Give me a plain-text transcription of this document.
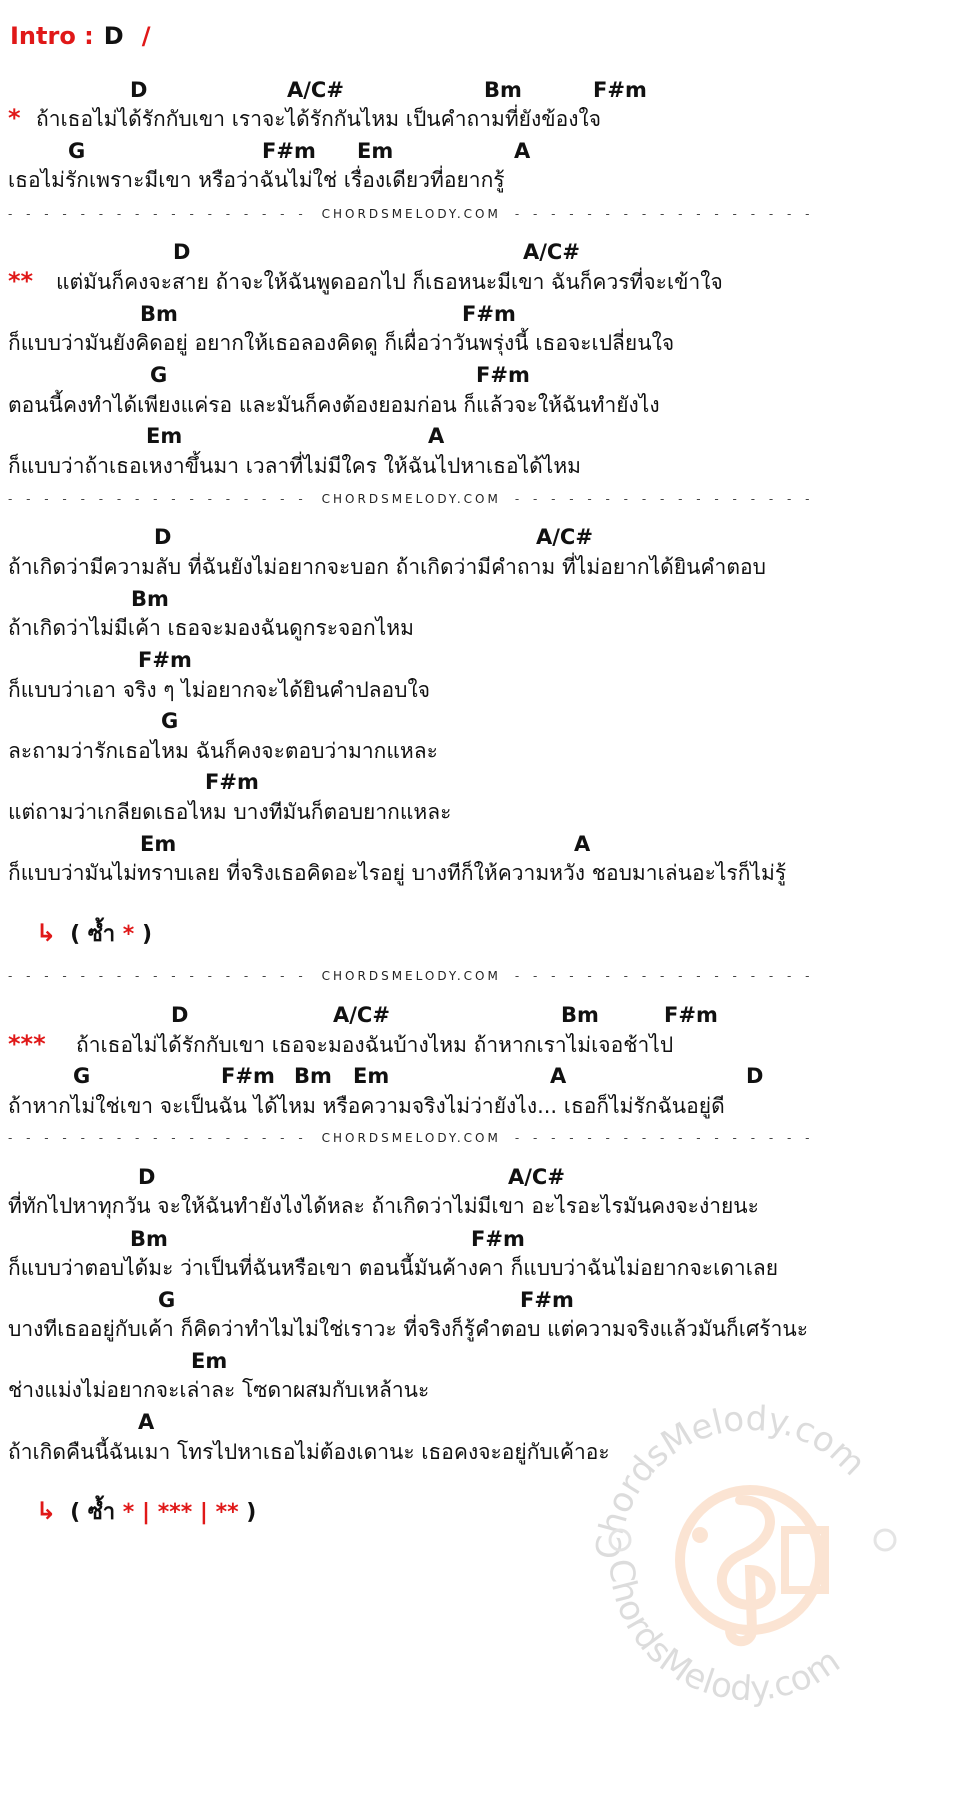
Intro : D /
D	A/C#	Bm	F#m
* ถ้าเธอไม่ได้รักกับเขา เราจะได้รักกันไหม เป็นคำถามที่ยังข้องใจ
G	F#m Em	A
เธอไม่รักเพราะมีเขา หรือว่าฉันไม่ใช่ เรื่องเดียวที่อยากรู้
- - - - - - - - - - - - - - - - - CHORDSMELODY.COM - - - - - - - - - - - - - - - - -
D	A/C#
** แต่มันก็คงจะสาย ถ้าจะให้ฉันพูดออกไป ก็เธอหนะมีเขา ฉันก็ควรที่จะเข้าใจ
Bm	F#m
ก็แบบว่ามันยังคิดอยู่ อยากให้เธอลองคิดดู ก็เผื่อว่าวันพรุ่งนี้ เธอจะเปลี่ยนใจ
G	F#m
ตอนนี้คงทำได้เพียงแค่รอ และมันก็คงต้องยอมก่อน ก็แล้วจะให้ฉันทำยังไง
Em	A
ก็แบบว่าถ้าเธอเหงาขึ้นมา เวลาที่ไม่มีใคร ให้ฉันไปหาเธอได้ไหม
- - - - - - - - - - - - - - - - - CHORDSMELODY.COM - - - - - - - - - - - - - - - - -
D	A/C#
ถ้าเกิดว่ามีความลับ ที่ฉันยังไม่อยากจะบอก ถ้าเกิดว่ามีคำถาม ที่ไม่อยากได้ยินคำตอบ
Bm
ถ้าเกิดว่าไม่มีเค้า เธอจะมองฉันดูกระจอกไหม
F#m
ก็แบบว่าเอา จริง ๆ ไม่อยากจะได้ยินคำปลอบใจ
G
ละถามว่ารักเธอไหม ฉันก็คงจะตอบว่ามากแหละ
F#m
แต่ถามว่าเกลียดเธอไหม บางทีมันก็ตอบยากแหละ
Em	A
ก็แบบว่ามันไม่ทราบเลย ที่จริงเธอคิดอะไรอยู่ บางทีก็ให้ความหวัง ชอบมาเล่นอะไรก็ไม่รู้
↳ ( ซ้ำ * )
- - - - - - - - - - - - - - - - - CHORDSMELODY.COM - - - - - - - - - - - - - - - - -
D	A/C#	Bm	F#m
*** ถ้าเธอไม่ได้รักกับเขา เธอจะมองฉันบ้างไหม ถ้าหากเราไม่เจอช้าไป
G	F#m Bm Em	A	D
ถ้าหากไม่ใช่เขา จะเป็นฉัน ได้ไหม หรือความจริงไม่ว่ายังไง... เธอก็ไม่รักฉันอยู่ดี
- - - - - - - - - - - - - - - - - CHORDSMELODY.COM - - - - - - - - - - - - - - - - -
D	A/C#
ที่ทักไปหาทุกวัน จะให้ฉันทำยังไงได้หละ ถ้าเกิดว่าไม่มีเขา อะไรอะไรมันคงจะง่ายนะ
Bm	F#m
ก็แบบว่าตอบได้มะ ว่าเป็นที่ฉันหรือเขา ตอนนี้มันค้างคา ก็แบบว่าฉันไม่อยากจะเดาเลย
G	F#m
บางทีเธออยู่กับเค้า ก็คิดว่าทำไมไม่ใช่เราวะ ที่จริงก็รู้คำตอบ แต่ความจริงแล้วมันก็เศร้านะ
Em
ช่างแม่งไม่อยากจะเล่าละ โซดาผสมกับเหล้านะ
A
ถ้าเกิดคืนนี้ฉันเมา โทรไปหาเธอไม่ต้องเดานะ เธอคงจะอยู่กับเค้าอะ
↳ ( ซ้ำ * | *** | ** )
ChordsMelody.com
ChordsMelody.com
